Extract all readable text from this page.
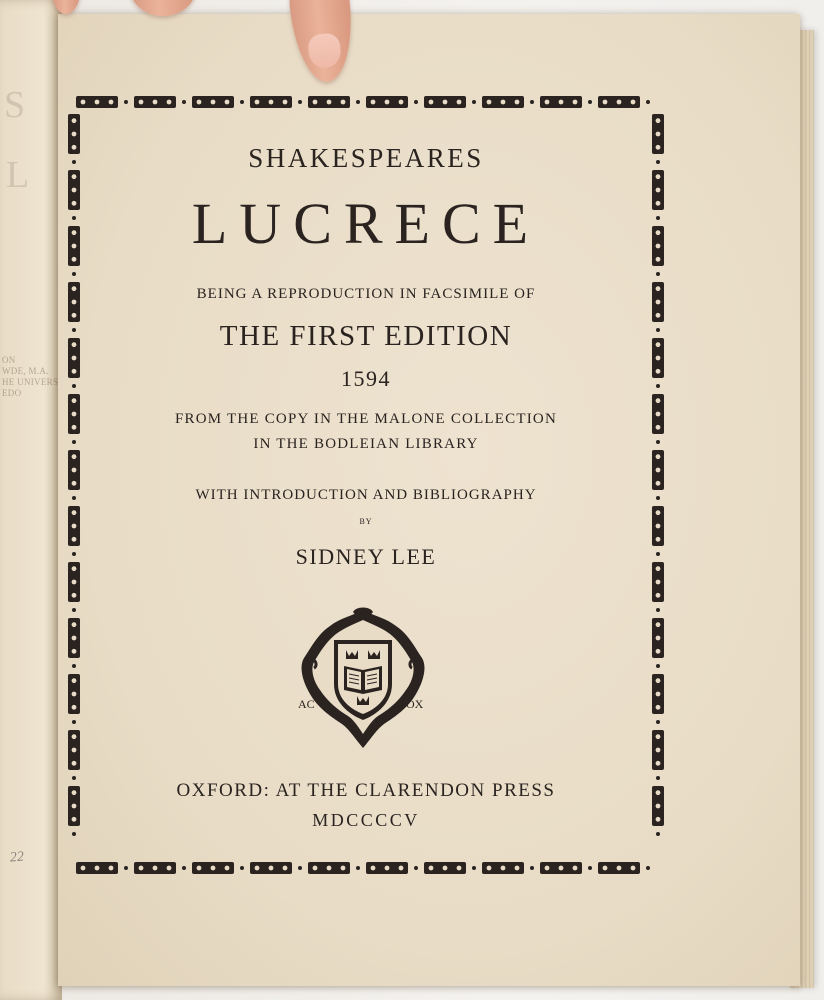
S
L
ON
WDE, M.A.
HE UNIVERS
EDO
22

SHAKESPEARES

LUCRECE

BEING A REPRODUCTION IN FACSIMILE OF

THE FIRST EDITION

1594

FROM THE COPY IN THE MALONE COLLECTION

IN THE BODLEIAN LIBRARY

WITH INTRODUCTION AND BIBLIOGRAPHY

BY

SIDNEY LEE

AC	OX

OXFORD: AT THE CLARENDON PRESS

MDCCCCV
